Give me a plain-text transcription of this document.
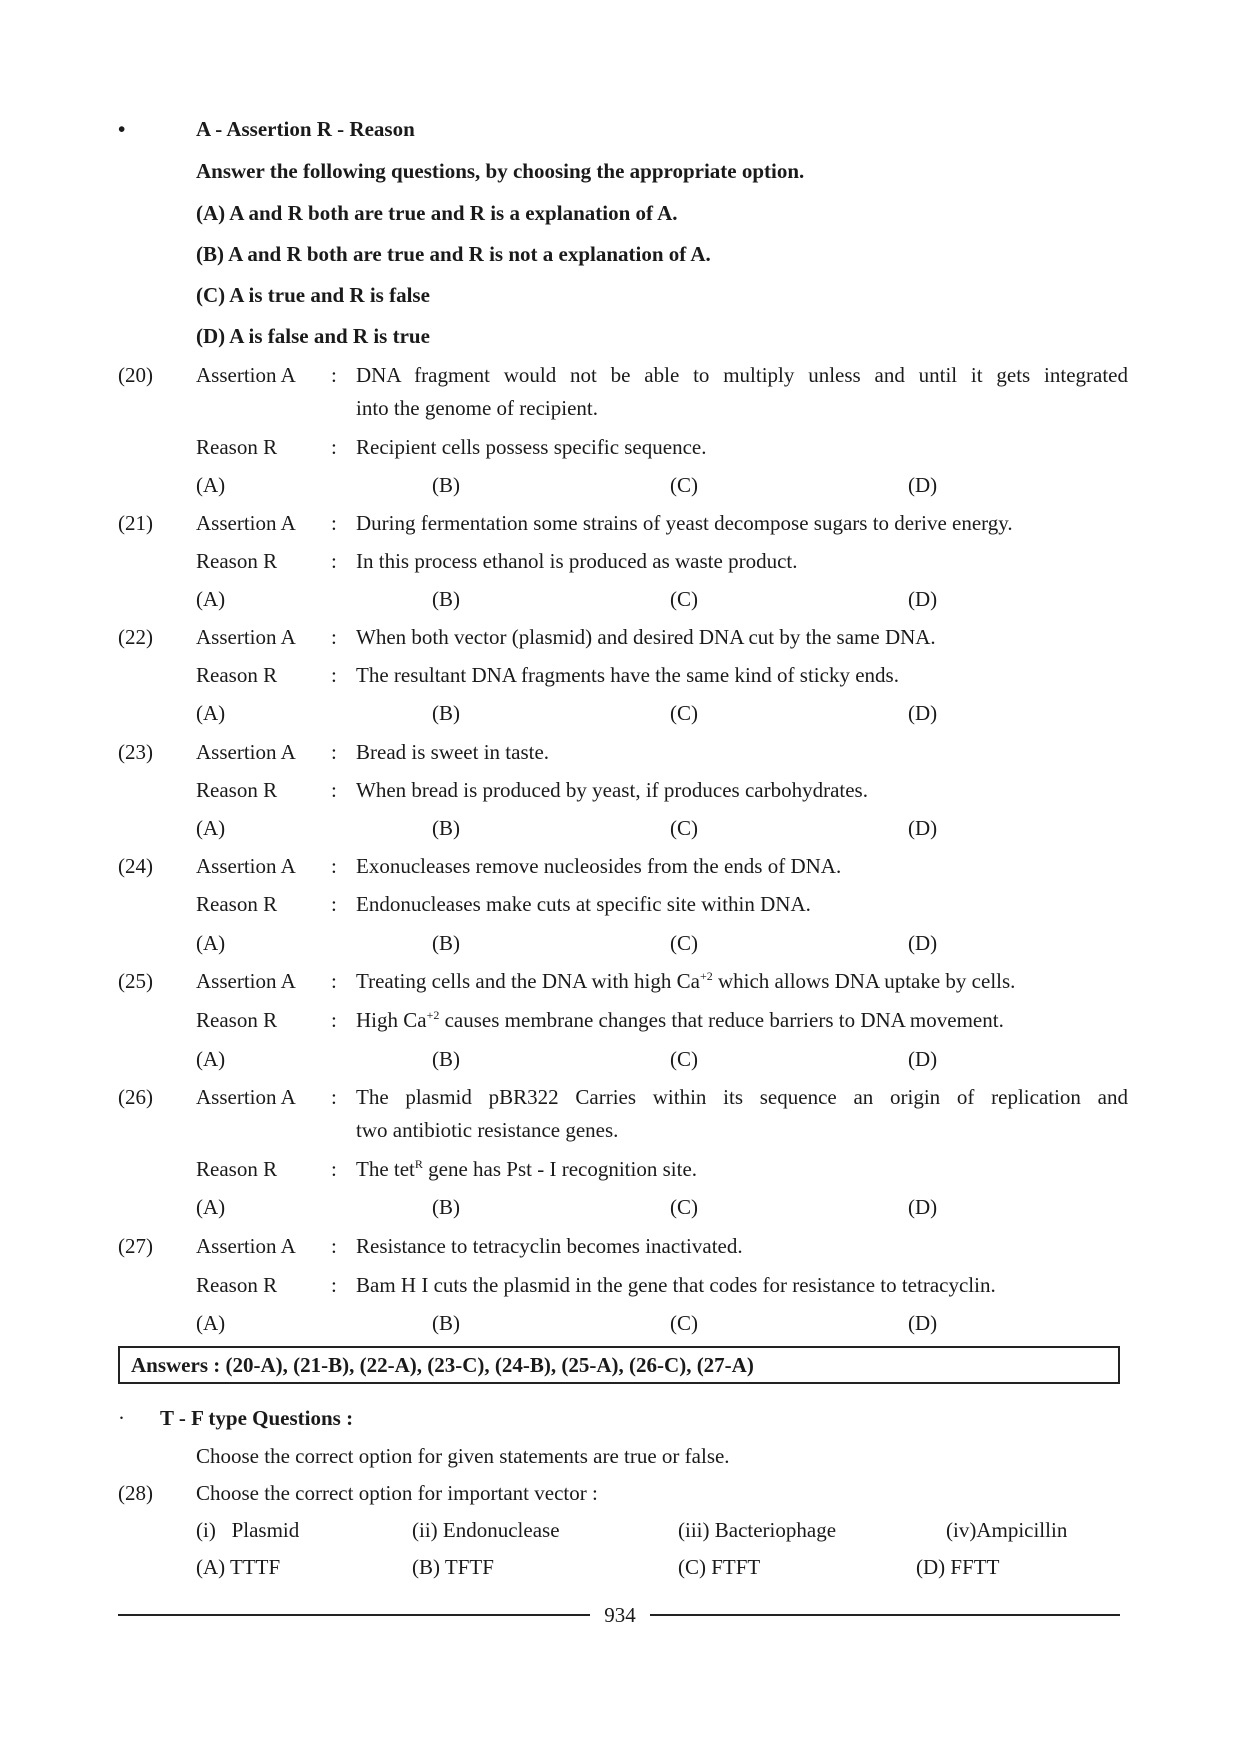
•	A - Assertion R - Reason
Answer the following questions, by choosing the appropriate option.
(A) A and R both are true and R is a explanation of A.
(B) A and R both are true and R is not a explanation of A.
(C) A is true and R is false
(D) A is false and R is true
(20) Assertion A : DNA fragment would not be able to multiply unless and until it gets integrated
into the genome of recipient.
Reason R	: Recipient cells possess specific sequence.
(A)	(B)	(C)	(D)
(21) Assertion A : During fermentation some strains of yeast decompose sugars to derive energy.
Reason R	: In this process ethanol is produced as waste product.
(A)	(B)	(C)	(D)
(22) Assertion A : When both vector (plasmid) and desired DNA cut by the same DNA.
Reason R	: The resultant DNA fragments have the same kind of sticky ends.
(A)	(B)	(C)	(D)
(23) Assertion A : Bread is sweet in taste.
Reason R	: When bread is produced by yeast, if produces carbohydrates.
(A)	(B)	(C)	(D)
(24) Assertion A : Exonucleases remove nucleosides from the ends of DNA.
Reason R	: Endonucleases make cuts at specific site within DNA.
(A)	(B)	(C)	(D)
(25) Assertion A : Treating cells and the DNA with high $Ca^{+2}$ which allows DNA uptake by cells.
Reason R	: High $Ca^{+2}$ causes membrane changes that reduce barriers to DNA movement.
(A)	(B)	(C)	(D)
(26) Assertion A : The plasmid pBR322 Carries within its sequence an origin of replication and
two antibiotic resistance genes.
Reason R	: The tet$^R$ gene has Pst - I recognition site.
(A)	(B)	(C)	(D)
(27) Assertion A : Resistance to tetracyclin becomes inactivated.
Reason R	: Bam H I cuts the plasmid in the gene that codes for resistance to tetracyclin.
(A)	(B)	(C)	(D)
Answers : (20-A), (21-B), (22-A), (23-C), (24-B), (25-A), (26-C), (27-A)
· T - F type Questions :
Choose the correct option for given statements are true or false.
(28) Choose the correct option for important vector :
(i)   Plasmid	(ii) Endonuclease	(iii) Bacteriophage	(iv)Ampicillin
(A) TTTF	(B) TFTF	(C) FTFT	(D) FFTT
934
